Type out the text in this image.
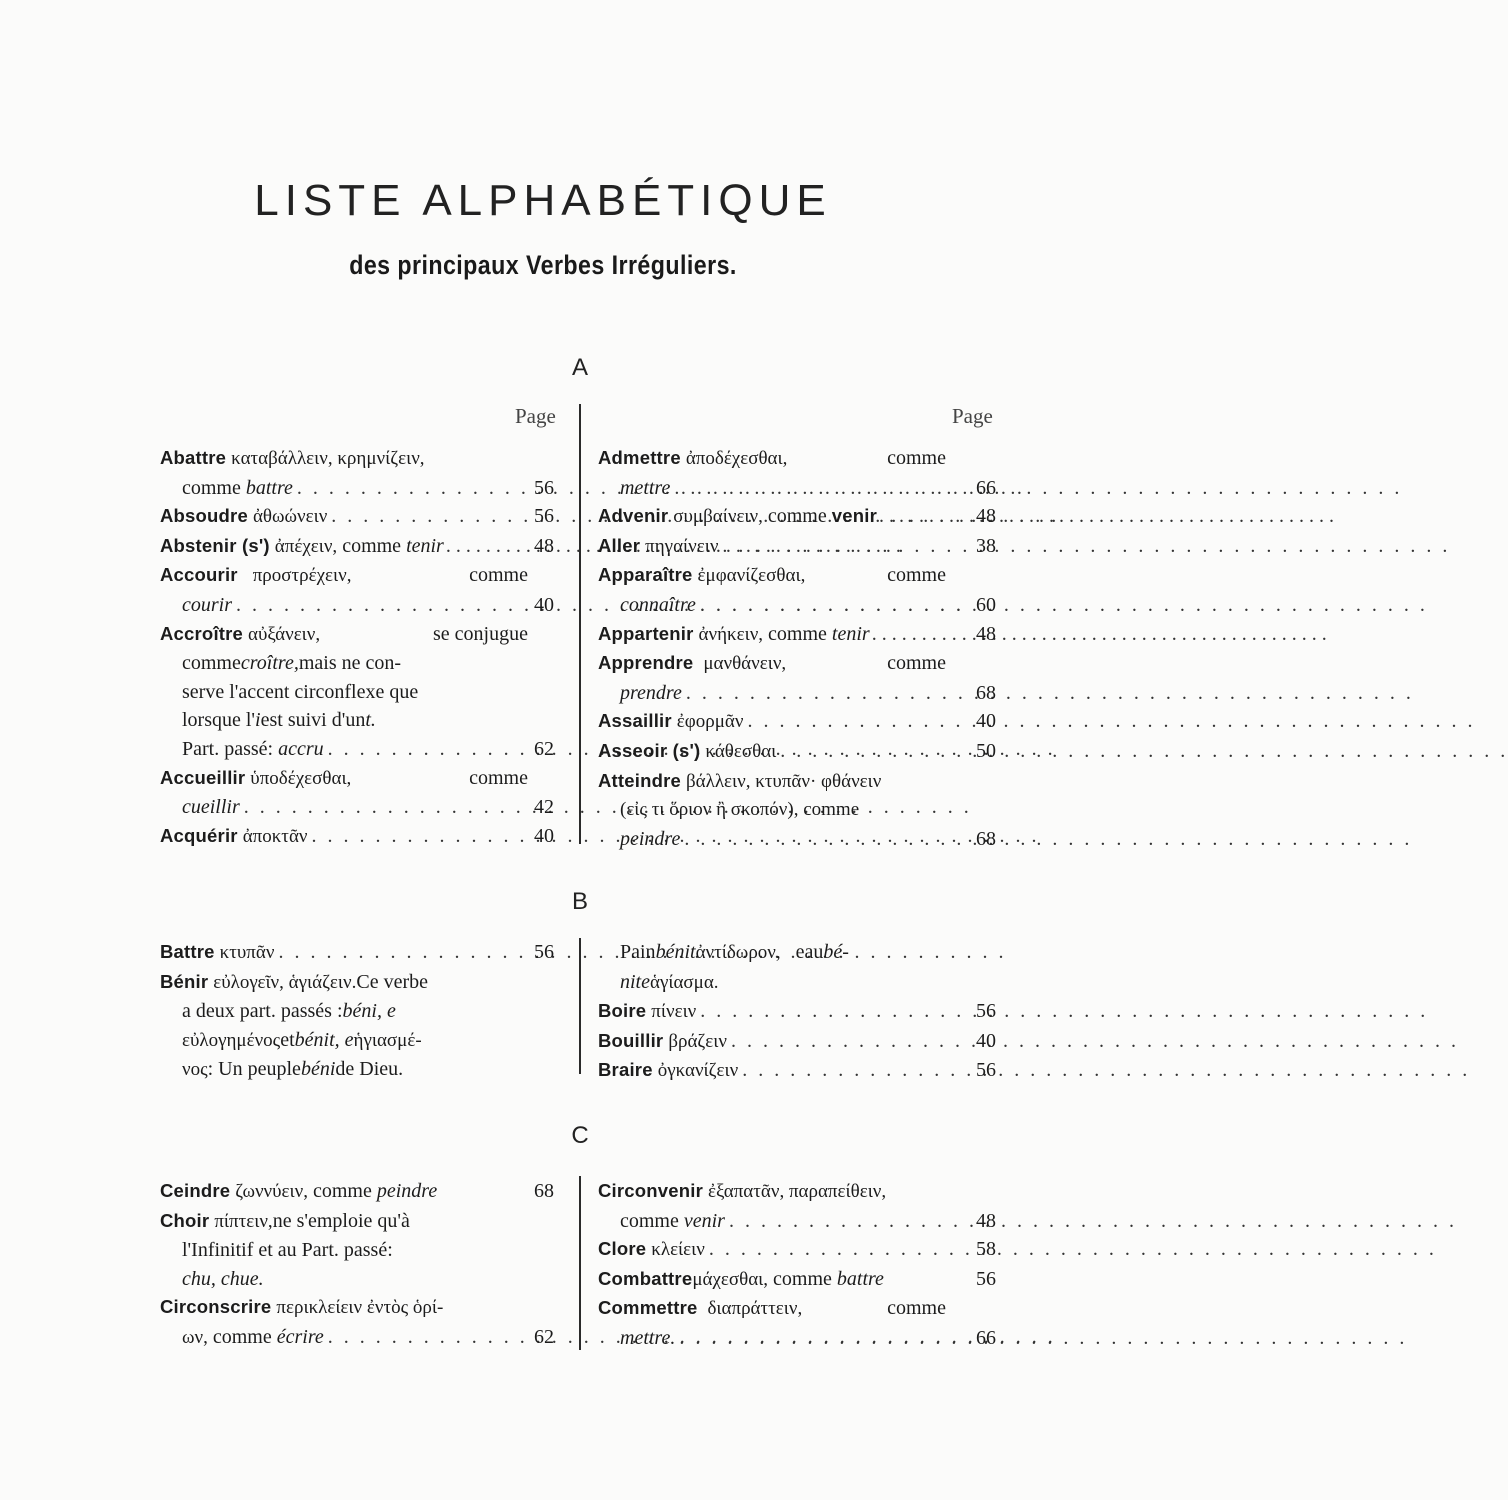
LISTE ALPHABÉTIQUE
des principaux Verbes Irréguliers.
A
Page	Page
Abattre
καταβάλλειν, κρημνίζειν,
comme battre . . .	56
Absoudre ἀθωώνειν . . .	56
Abstenir (s') ἀπέχειν, comme tenir . . .	48
Accourir προστρέχειν,	comme
courir . . .	40
Accroître αὐξάνειν,	se conjugue
comme croître, mais ne con-
serve l'accent circonflexe que
lorsque l' i est suivi d'un t.
Part. passé: accru . . .	62
Accueillir ὑποδέχεσθαι,	comme
cueillir . . .	42
Acquérir ἀποκτᾶν . . .	40
Admettre ἀποδέχεσθαι,	comme
mettre . . .	66
Advenir συμβαίνειν, comme venir . . .	48
Aller πηγαίνειν . . .	38
Apparaître ἐμφανίζεσθαι,	comme
connaître . . .	60
Appartenir ἀνήκειν, comme tenir . . .	48
Apprendre μανθάνειν,	comme
prendre . . .	68
Assaillir ἐφορμᾶν . . .	40
Asseoir (s') κάθεσθαι . . .	50
Atteindre
βάλλειν, κτυπᾶν· φθάνειν
(εἰς τι ὅριον ἢ σκοπόν), comme
peindre . . .	68
B
Battre κτυπᾶν . . .	56
Bénir
εὐλογεῖν, ἁγιάζειν. Ce verbe
a deux part. passés : béni, e
εὐλογημένος et bénit, e ἡγιασμέ-
νος : Un peuple béni de Dieu.
Pain bénit ἀντίδωρον,
eau bé-
nite ἁγίασμα.
Boire πίνειν . . .	56
Bouillir βράζειν . . .	40
Braire ὀγκανίζειν . . .	56
C
Ceindre ζωννύειν, comme peindre	68
Choir
πίπτειν, ne s'emploie qu'à
l'Infinitif et au Part. passé:
chu, chue.
Circonscrire
περικλείειν ἐντὸς ὁρί-
ων, comme écrire . . .	62
Circonvenir
ἐξαπατᾶν, παραπείθειν,
comme venir . . .	48
Clore κλείειν . . .	58
Combattreμάχεσθαι, comme battre	56
Commettre διαπράττειν,	comme
mettre. . . .	66
